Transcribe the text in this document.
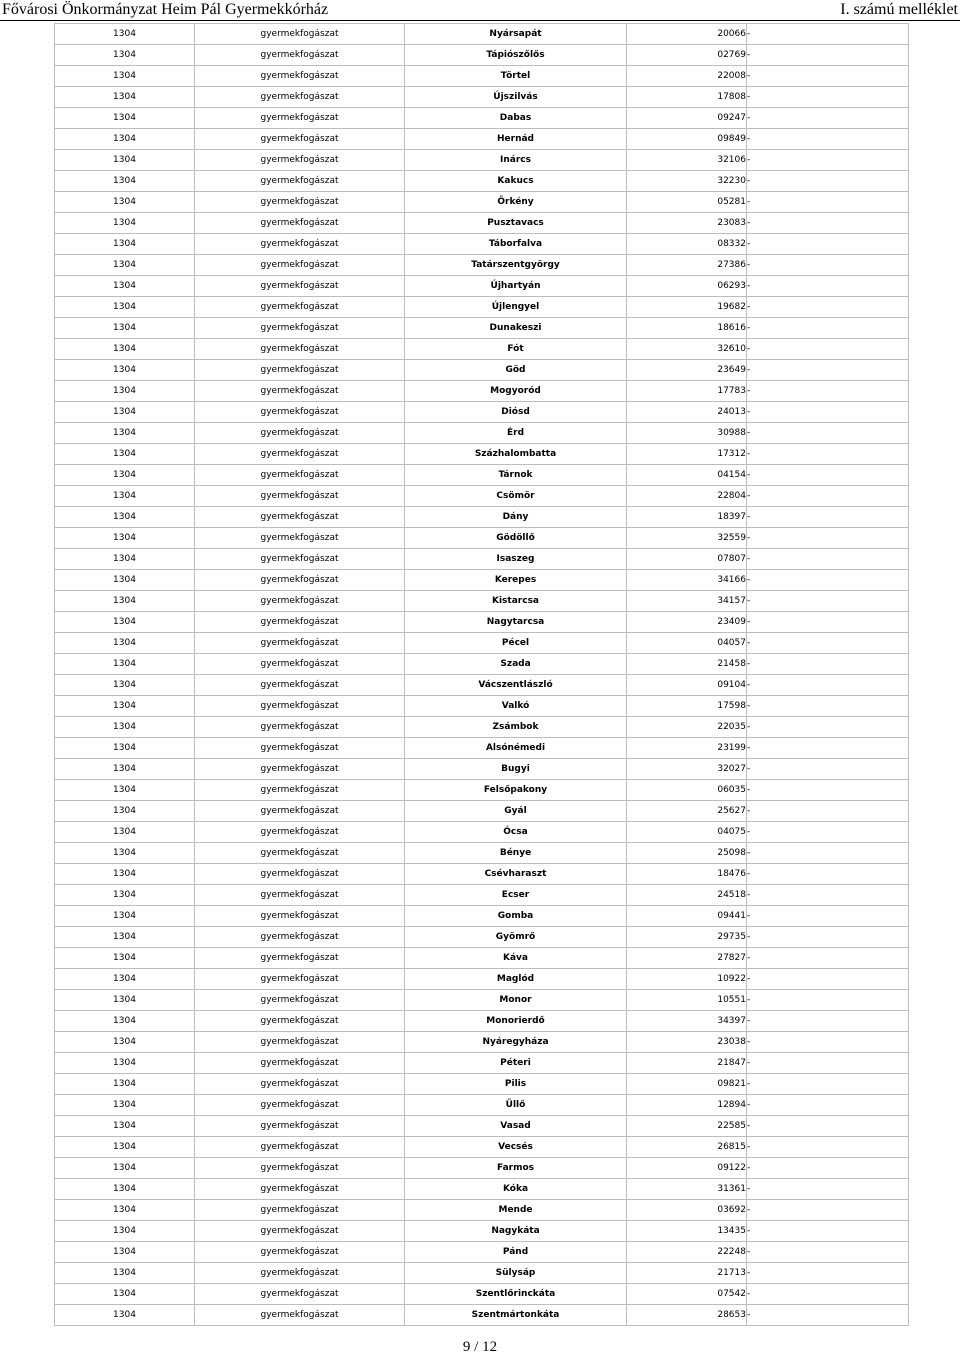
Fővárosi Önkormányzat Heim Pál Gyermekkórház	I. számú melléklet
1304	gyermekfogászat	Nyársapát	20066	-
1304	gyermekfogászat	Tápiószőlős	02769	-
1304	gyermekfogászat	Törtel	22008	-
1304	gyermekfogászat	Újszilvás	17808	-
1304	gyermekfogászat	Dabas	09247	-
1304	gyermekfogászat	Hernád	09849	-
1304	gyermekfogászat	Inárcs	32106	-
1304	gyermekfogászat	Kakucs	32230	-
1304	gyermekfogászat	Örkény	05281	-
1304	gyermekfogászat	Pusztavacs	23083	-
1304	gyermekfogászat	Táborfalva	08332	-
1304	gyermekfogászat	Tatárszentgyörgy	27386	-
1304	gyermekfogászat	Újhartyán	06293	-
1304	gyermekfogászat	Újlengyel	19682	-
1304	gyermekfogászat	Dunakeszi	18616	-
1304	gyermekfogászat	Fót	32610	-
1304	gyermekfogászat	Göd	23649	-
1304	gyermekfogászat	Mogyoród	17783	-
1304	gyermekfogászat	Diósd	24013	-
1304	gyermekfogászat	Érd	30988	-
1304	gyermekfogászat	Százhalombatta	17312	-
1304	gyermekfogászat	Tárnok	04154	-
1304	gyermekfogászat	Csömör	22804	-
1304	gyermekfogászat	Dány	18397	-
1304	gyermekfogászat	Gödöllő	32559	-
1304	gyermekfogászat	Isaszeg	07807	-
1304	gyermekfogászat	Kerepes	34166	-
1304	gyermekfogászat	Kistarcsa	34157	-
1304	gyermekfogászat	Nagytarcsa	23409	-
1304	gyermekfogászat	Pécel	04057	-
1304	gyermekfogászat	Szada	21458	-
1304	gyermekfogászat	Vácszentlászló	09104	-
1304	gyermekfogászat	Valkó	17598	-
1304	gyermekfogászat	Zsámbok	22035	-
1304	gyermekfogászat	Alsónémedi	23199	-
1304	gyermekfogászat	Bugyi	32027	-
1304	gyermekfogászat	Felsőpakony	06035	-
1304	gyermekfogászat	Gyál	25627	-
1304	gyermekfogászat	Ócsa	04075	-
1304	gyermekfogászat	Bénye	25098	-
1304	gyermekfogászat	Csévharaszt	18476	-
1304	gyermekfogászat	Ecser	24518	-
1304	gyermekfogászat	Gomba	09441	-
1304	gyermekfogászat	Gyömrő	29735	-
1304	gyermekfogászat	Káva	27827	-
1304	gyermekfogászat	Maglód	10922	-
1304	gyermekfogászat	Monor	10551	-
1304	gyermekfogászat	Monorierdő	34397	-
1304	gyermekfogászat	Nyáregyháza	23038	-
1304	gyermekfogászat	Péteri	21847	-
1304	gyermekfogászat	Pilis	09821	-
1304	gyermekfogászat	Üllő	12894	-
1304	gyermekfogászat	Vasad	22585	-
1304	gyermekfogászat	Vecsés	26815	-
1304	gyermekfogászat	Farmos	09122	-
1304	gyermekfogászat	Kóka	31361	-
1304	gyermekfogászat	Mende	03692	-
1304	gyermekfogászat	Nagykáta	13435	-
1304	gyermekfogászat	Pánd	22248	-
1304	gyermekfogászat	Sülysáp	21713	-
1304	gyermekfogászat	Szentlőrinckáta	07542	-
1304	gyermekfogászat	Szentmártonkáta	28653	-
9 / 12
